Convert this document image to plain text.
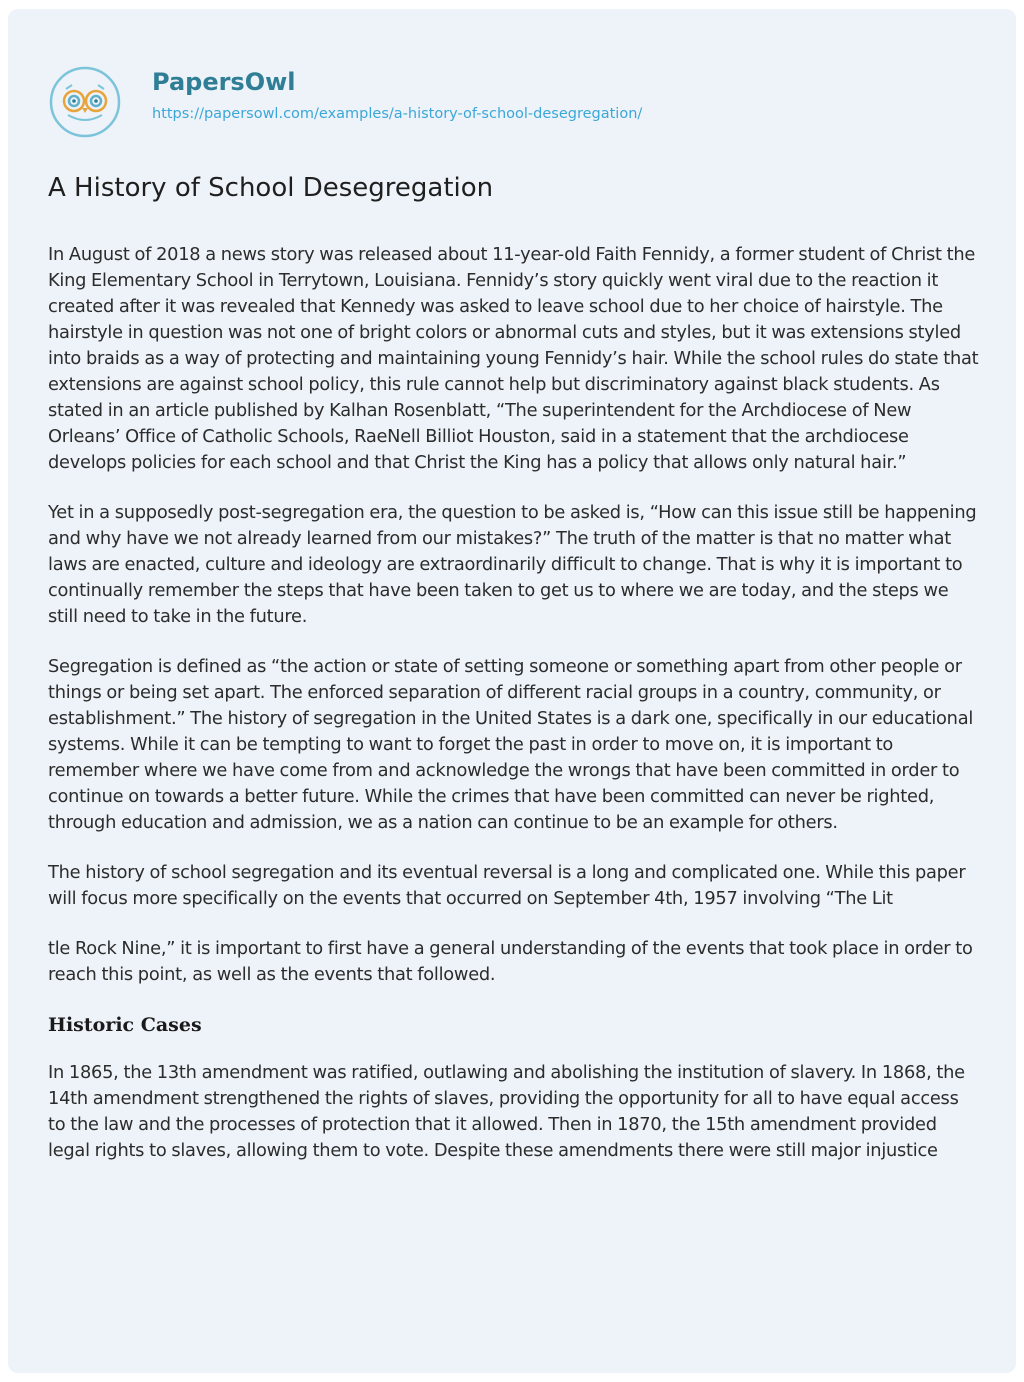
PapersOwl
https://papersowl.com/examples/a-history-of-school-desegregation/
A History of School Desegregation

In August of 2018 a news story was released about 11-year-old Faith Fennidy, a former student of Christ the King Elementary School in Terrytown, Louisiana. Fennidy’s story quickly went viral due to the reaction it created after it was revealed that Kennedy was asked to leave school due to her choice of hairstyle. The hairstyle in question was not one of bright colors or abnormal cuts and styles, but it was extensions styled into braids as a way of protecting and maintaining young Fennidy’s hair. While the school rules do state that extensions are against school policy, this rule cannot help but discriminatory against black students. As stated in an article published by Kalhan Rosenblatt, “The superintendent for the Archdiocese of New Orleans’ Office of Catholic Schools, RaeNell Billiot Houston, said in a statement that the archdiocese develops policies for each school and that Christ the King has a policy that allows only natural hair.”

Yet in a supposedly post-segregation era, the question to be asked is, “How can this issue still be happening and why have we not already learned from our mistakes?” The truth of the matter is that no matter what laws are enacted, culture and ideology are extraordinarily difficult to change. That is why it is important to continually remember the steps that have been taken to get us to where we are today, and the steps we still need to take in the future.

Segregation is defined as “the action or state of setting someone or something apart from other people or things or being set apart. The enforced separation of different racial groups in a country, community, or establishment.” The history of segregation in the United States is a dark one, specifically in our educational systems. While it can be tempting to want to forget the past in order to move on, it is important to remember where we have come from and acknowledge the wrongs that have been committed in order to continue on towards a better future. While the crimes that have been committed can never be righted, through education and admission, we as a nation can continue to be an example for others.

The history of school segregation and its eventual reversal is a long and complicated one. While this paper will focus more specifically on the events that occurred on September 4th, 1957 involving “The Lit

tle Rock Nine,” it is important to first have a general understanding of the events that took place in order to reach this point, as well as the events that followed.

Historic Cases

In 1865, the 13th amendment was ratified, outlawing and abolishing the institution of slavery. In 1868, the 14th amendment strengthened the rights of slaves, providing the opportunity for all to have equal access to the law and the processes of protection that it allowed. Then in 1870, the 15th amendment provided legal rights to slaves, allowing them to vote. Despite these amendments there were still major injustice
